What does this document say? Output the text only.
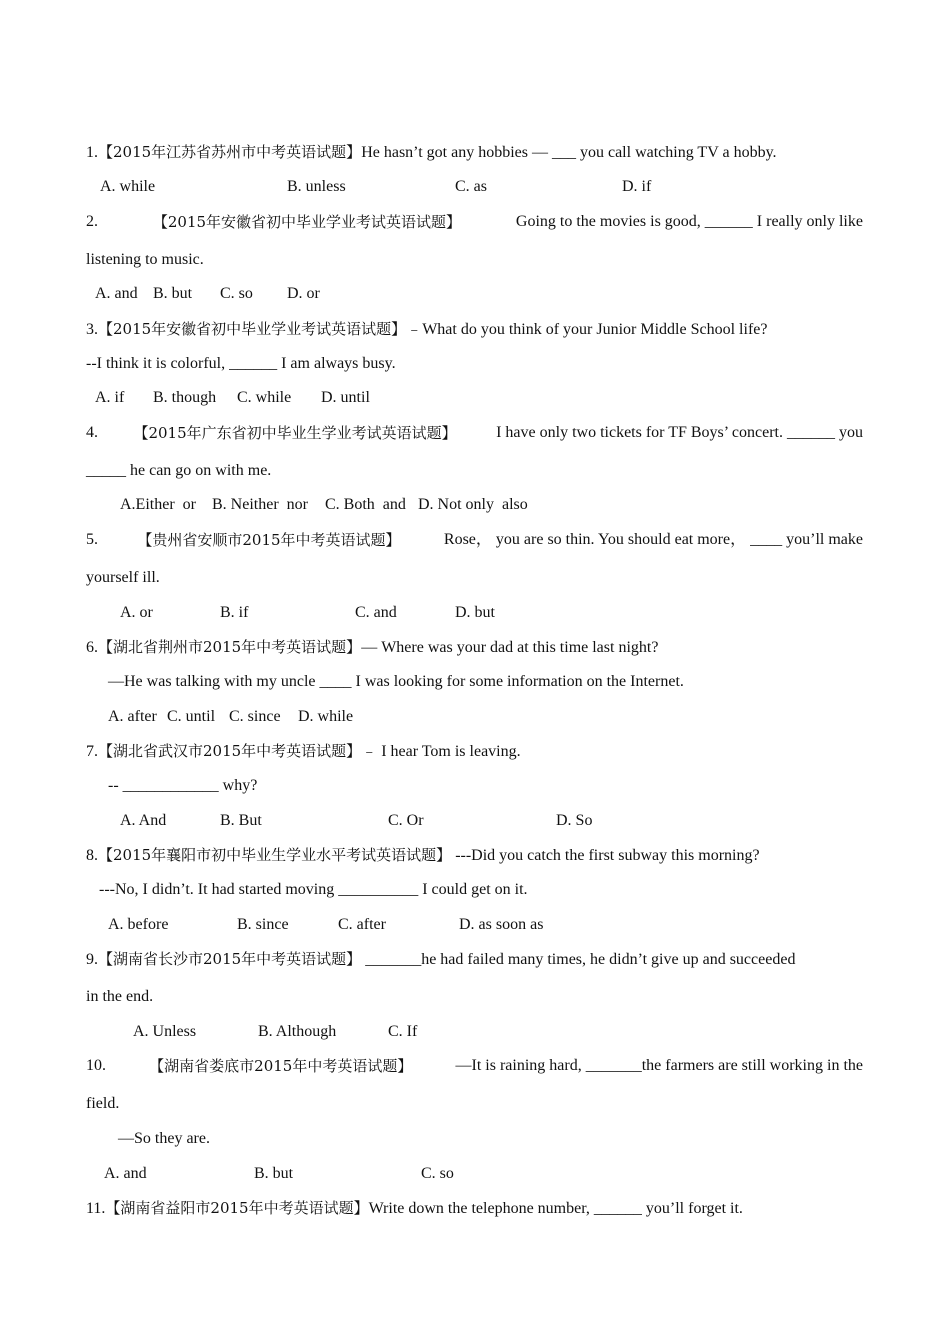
1.【2015年江苏省苏州市中考英语试题】He hasn’t got any hobbies — ___ you call watching TV a hobby.
A. while	B. unless	C. as	D. if
2.	【2015年安徽省初中毕业学业考试英语试题】	Going to the movies is good, ______ I really only like
listening to music.
A. and B. but C. so D. or
3.【2015年安徽省初中毕业学业考试英语试题】﹣What do you think of your Junior Middle School life?
--I think it is colorful, ______ I am always busy.
A. if B. though C. while D. until
4. 【2015年广东省初中毕业生学业考试英语试题】 I have only two tickets for TF Boys’ concert. ______ you
_____ he can go on with me.
A.Either  or B. Neither  nor C. Both  and D. Not only  also
5.	【贵州省安顺市2015年中考英语试题】 Rose， you are so thin. You should eat more， ____ you’ll make
yourself ill.
A. or	B. if	C. and	D. but
6.【湖北省荆州市2015年中考英语试题】— Where was your dad at this time last night?
—He was talking with my uncle ____ I was looking for some information on the Internet.
A. after C. until C. since D. while
7.【湖北省武汉市2015年中考英语试题】﹣ I hear Tom is leaving.
-- ____________ why?
A. And	B. But	C. Or	D. So
8.【2015年襄阳市初中毕业生学业水平考试英语试题】 ---Did you catch the first subway this morning?
---No, I didn’t. It had started moving __________ I could get on it.
A. before	B. since	C. after	D. as soon as
9.【湖南省长沙市2015年中考英语试题】 _______he had failed many times, he didn’t give up and succeeded
in the end.
A. Unless	B. Although	C. If
10.	【湖南省娄底市2015年中考英语试题】	—It is raining hard, _______the farmers are still working in the
field.
—So they are.
A. and	B. but	C. so
11.【湖南省益阳市2015年中考英语试题】Write down the telephone number, ______ you’ll forget it.
